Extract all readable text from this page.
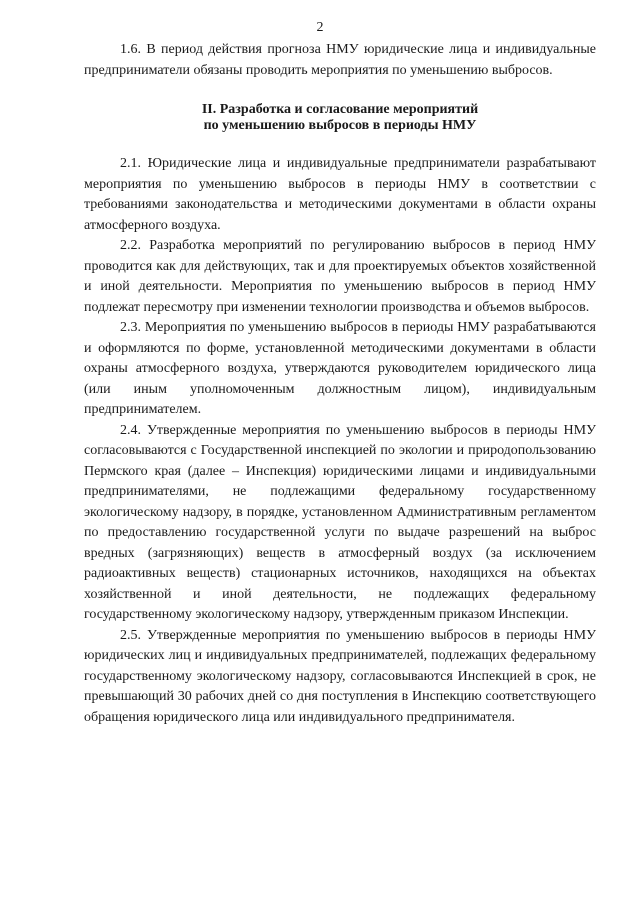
2

1.6. В период действия прогноза НМУ юридические лица и индивидуальные предприниматели обязаны проводить мероприятия по уменьшению выбросов.

II. Разработка и согласование мероприятий
по уменьшению выбросов в периоды НМУ

2.1. Юридические лица и индивидуальные предприниматели разрабатывают мероприятия по уменьшению выбросов в периоды НМУ в соответствии с требованиями законодательства и методическими документами в области охраны атмосферного воздуха.

2.2. Разработка мероприятий по регулированию выбросов в период НМУ проводится как для действующих, так и для проектируемых объектов хозяйственной и иной деятельности. Мероприятия по уменьшению выбросов в период НМУ подлежат пересмотру при изменении технологии производства и объемов выбросов.

2.3. Мероприятия по уменьшению выбросов в периоды НМУ разрабатываются и оформляются по форме, установленной методическими документами в области охраны атмосферного воздуха, утверждаются руководителем юридического лица (или иным уполномоченным должностным лицом), индивидуальным предпринимателем.

2.4. Утвержденные мероприятия по уменьшению выбросов в периоды НМУ согласовываются с Государственной инспекцией по экологии и природопользованию Пермского края (далее – Инспекция) юридическими лицами и индивидуальными предпринимателями, не подлежащими федеральному государственному экологическому надзору, в порядке, установленном Административным регламентом по предоставлению государственной услуги по выдаче разрешений на выброс вредных (загрязняющих) веществ в атмосферный воздух (за исключением радиоактивных веществ) стационарных источников, находящихся на объектах хозяйственной и иной деятельности, не подлежащих федеральному государственному экологическому надзору, утвержденным приказом Инспекции.

2.5. Утвержденные мероприятия по уменьшению выбросов в периоды НМУ юридических лиц и индивидуальных предпринимателей, подлежащих федеральному государственному экологическому надзору, согласовываются Инспекцией в срок, не превышающий 30 рабочих дней со дня поступления в Инспекцию соответствующего обращения юридического лица или индивидуального предпринимателя.
